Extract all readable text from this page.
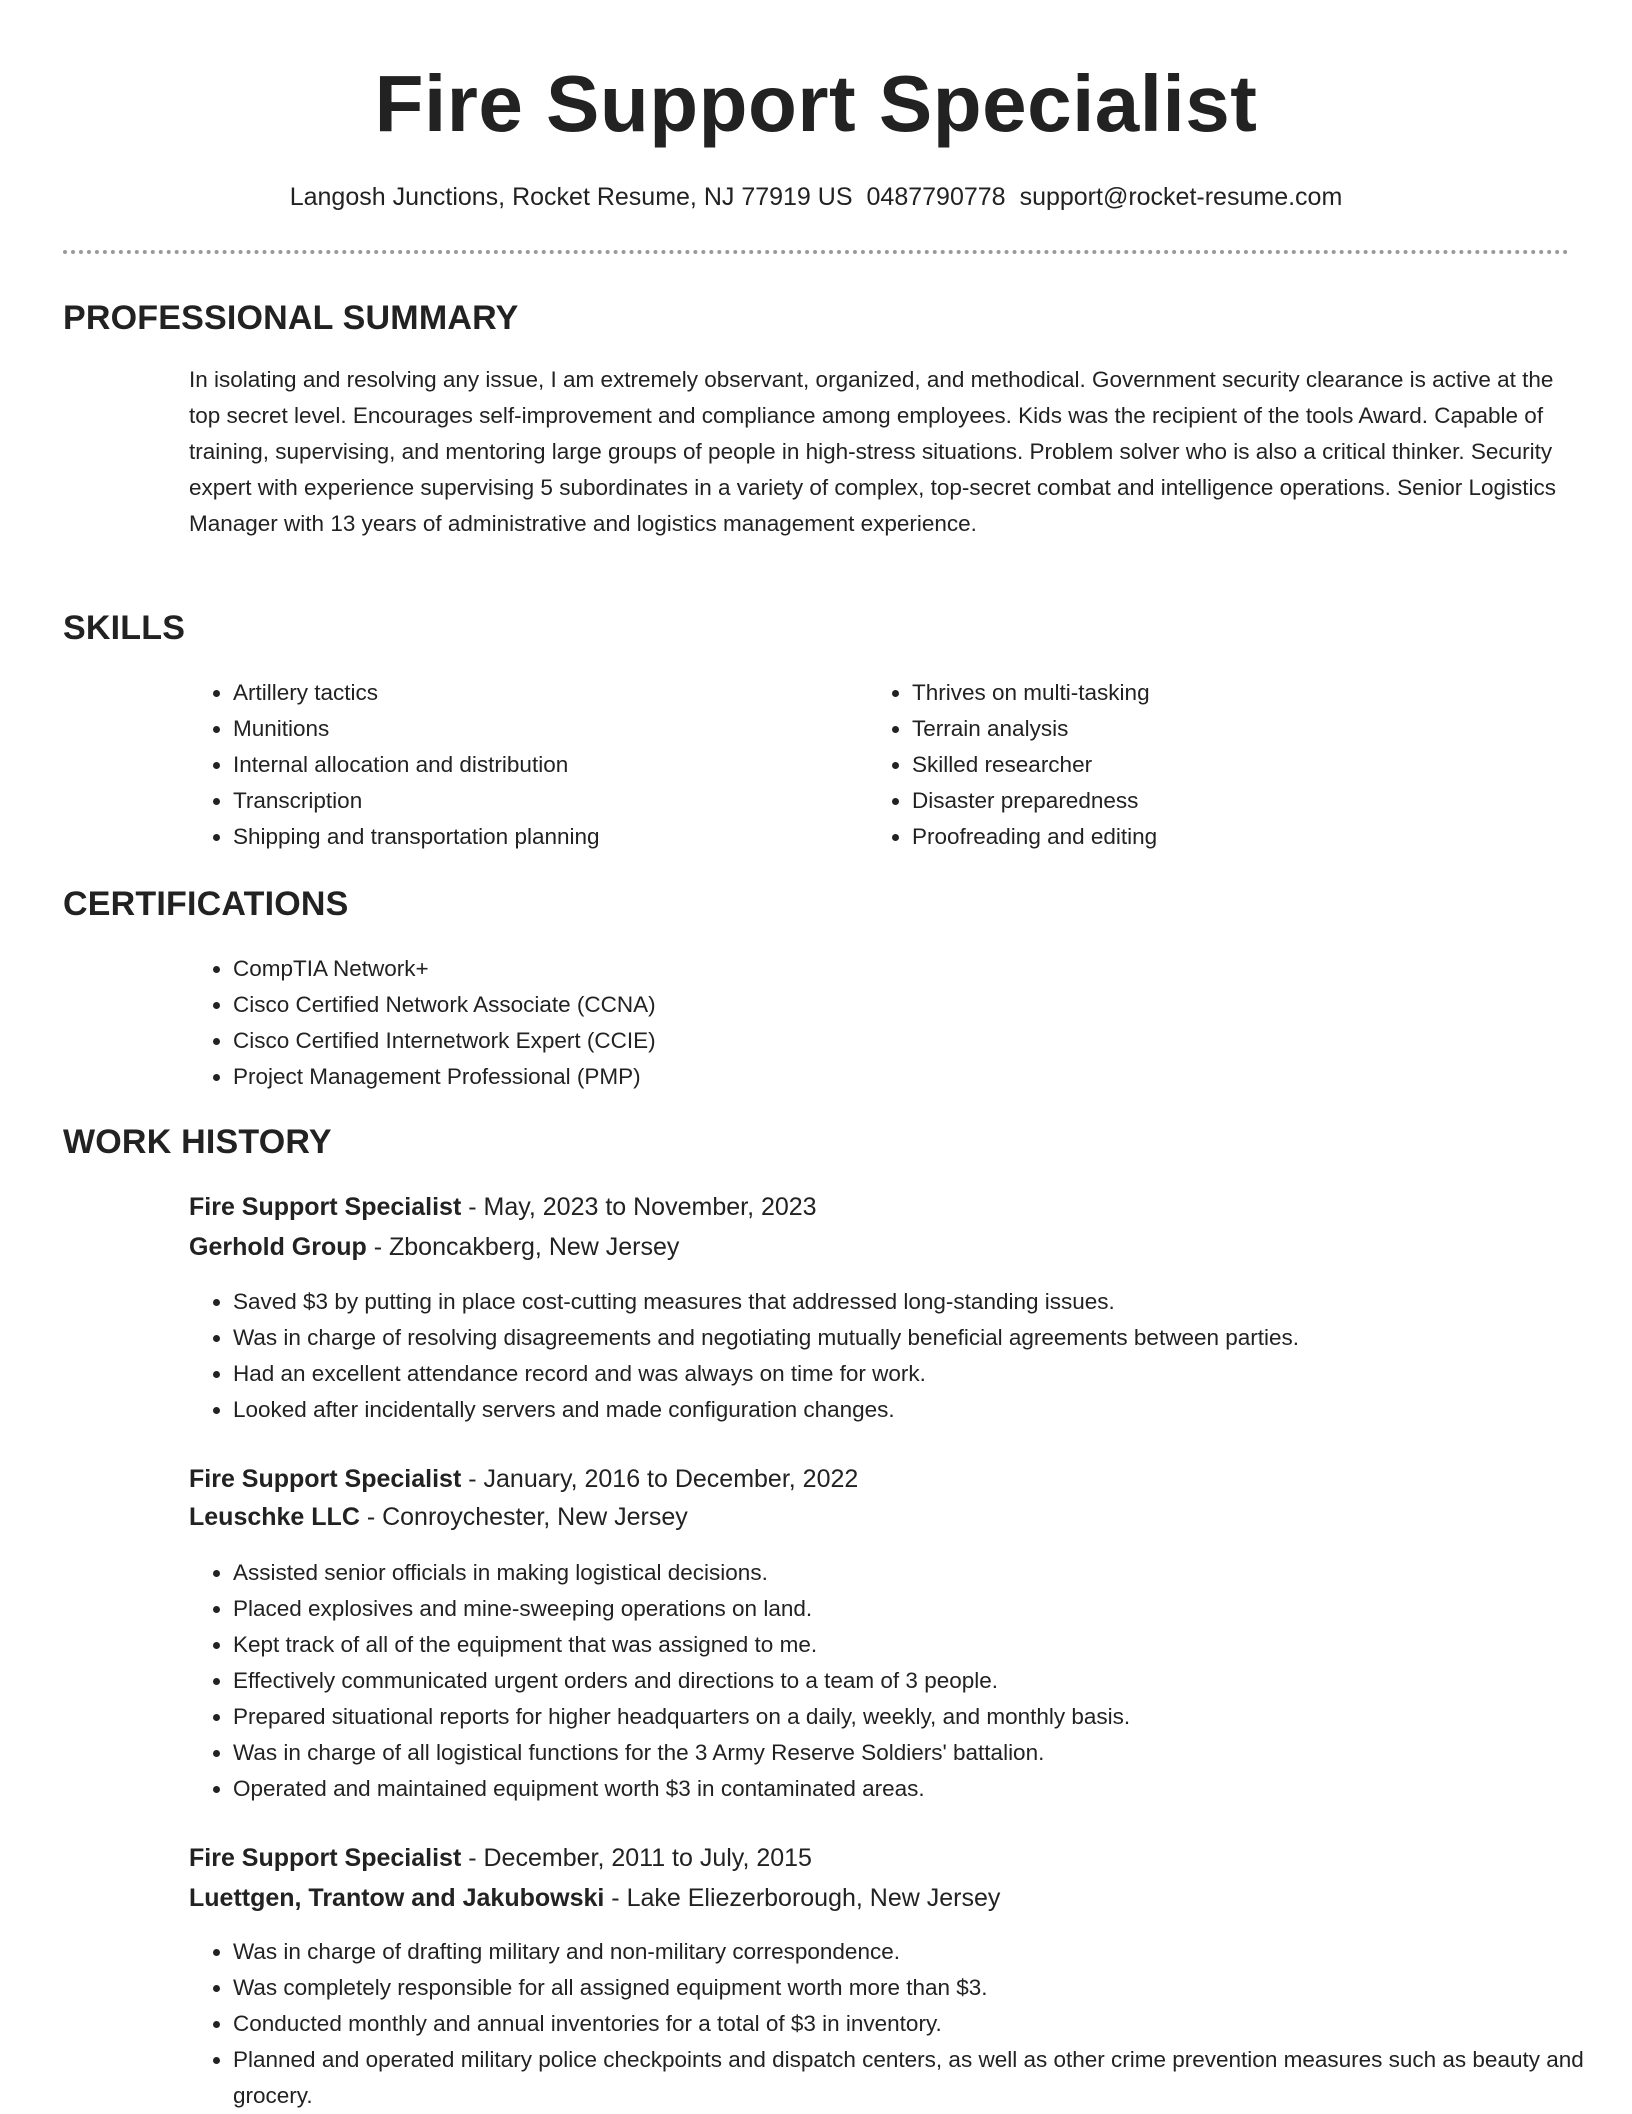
Fire Support Specialist
Langosh Junctions, Rocket Resume, NJ 77919 US 0487790778 support@rocket-resume.com
PROFESSIONAL SUMMARY

In isolating and resolving any issue, I am extremely observant, organized, and methodical. Government security clearance is active at the top secret level. Encourages self-improvement and compliance among employees. Kids was the recipient of the tools Award. Capable of training, supervising, and mentoring large groups of people in high-stress situations. Problem solver who is also a critical thinker. Security expert with experience supervising 5 subordinates in a variety of complex, top-secret combat and intelligence operations. Senior Logistics Manager with 13 years of administrative and logistics management experience.

SKILLS
• Artillery tactics
• Munitions
• Internal allocation and distribution
• Transcription
• Shipping and transportation planning
• Thrives on multi-tasking
• Terrain analysis
• Skilled researcher
• Disaster preparedness
• Proofreading and editing
CERTIFICATIONS
• CompTIA Network+
• Cisco Certified Network Associate (CCNA)
• Cisco Certified Internetwork Expert (CCIE)
• Project Management Professional (PMP)
WORK HISTORY
Fire Support Specialist - May, 2023 to November, 2023
Gerhold Group - Zboncakberg, New Jersey
• Saved $3 by putting in place cost-cutting measures that addressed long-standing issues.
• Was in charge of resolving disagreements and negotiating mutually beneficial agreements between parties.
• Had an excellent attendance record and was always on time for work.
• Looked after incidentally servers and made configuration changes.
Fire Support Specialist - January, 2016 to December, 2022
Leuschke LLC - Conroychester, New Jersey
• Assisted senior officials in making logistical decisions.
• Placed explosives and mine-sweeping operations on land.
• Kept track of all of the equipment that was assigned to me.
• Effectively communicated urgent orders and directions to a team of 3 people.
• Prepared situational reports for higher headquarters on a daily, weekly, and monthly basis.
• Was in charge of all logistical functions for the 3 Army Reserve Soldiers' battalion.
• Operated and maintained equipment worth $3 in contaminated areas.
Fire Support Specialist - December, 2011 to July, 2015
Luettgen, Trantow and Jakubowski - Lake Eliezerborough, New Jersey
• Was in charge of drafting military and non-military correspondence.
• Was completely responsible for all assigned equipment worth more than $3.
• Conducted monthly and annual inventories for a total of $3 in inventory.
• Planned and operated military police checkpoints and dispatch centers, as well as other crime prevention measures such as beauty and grocery.
